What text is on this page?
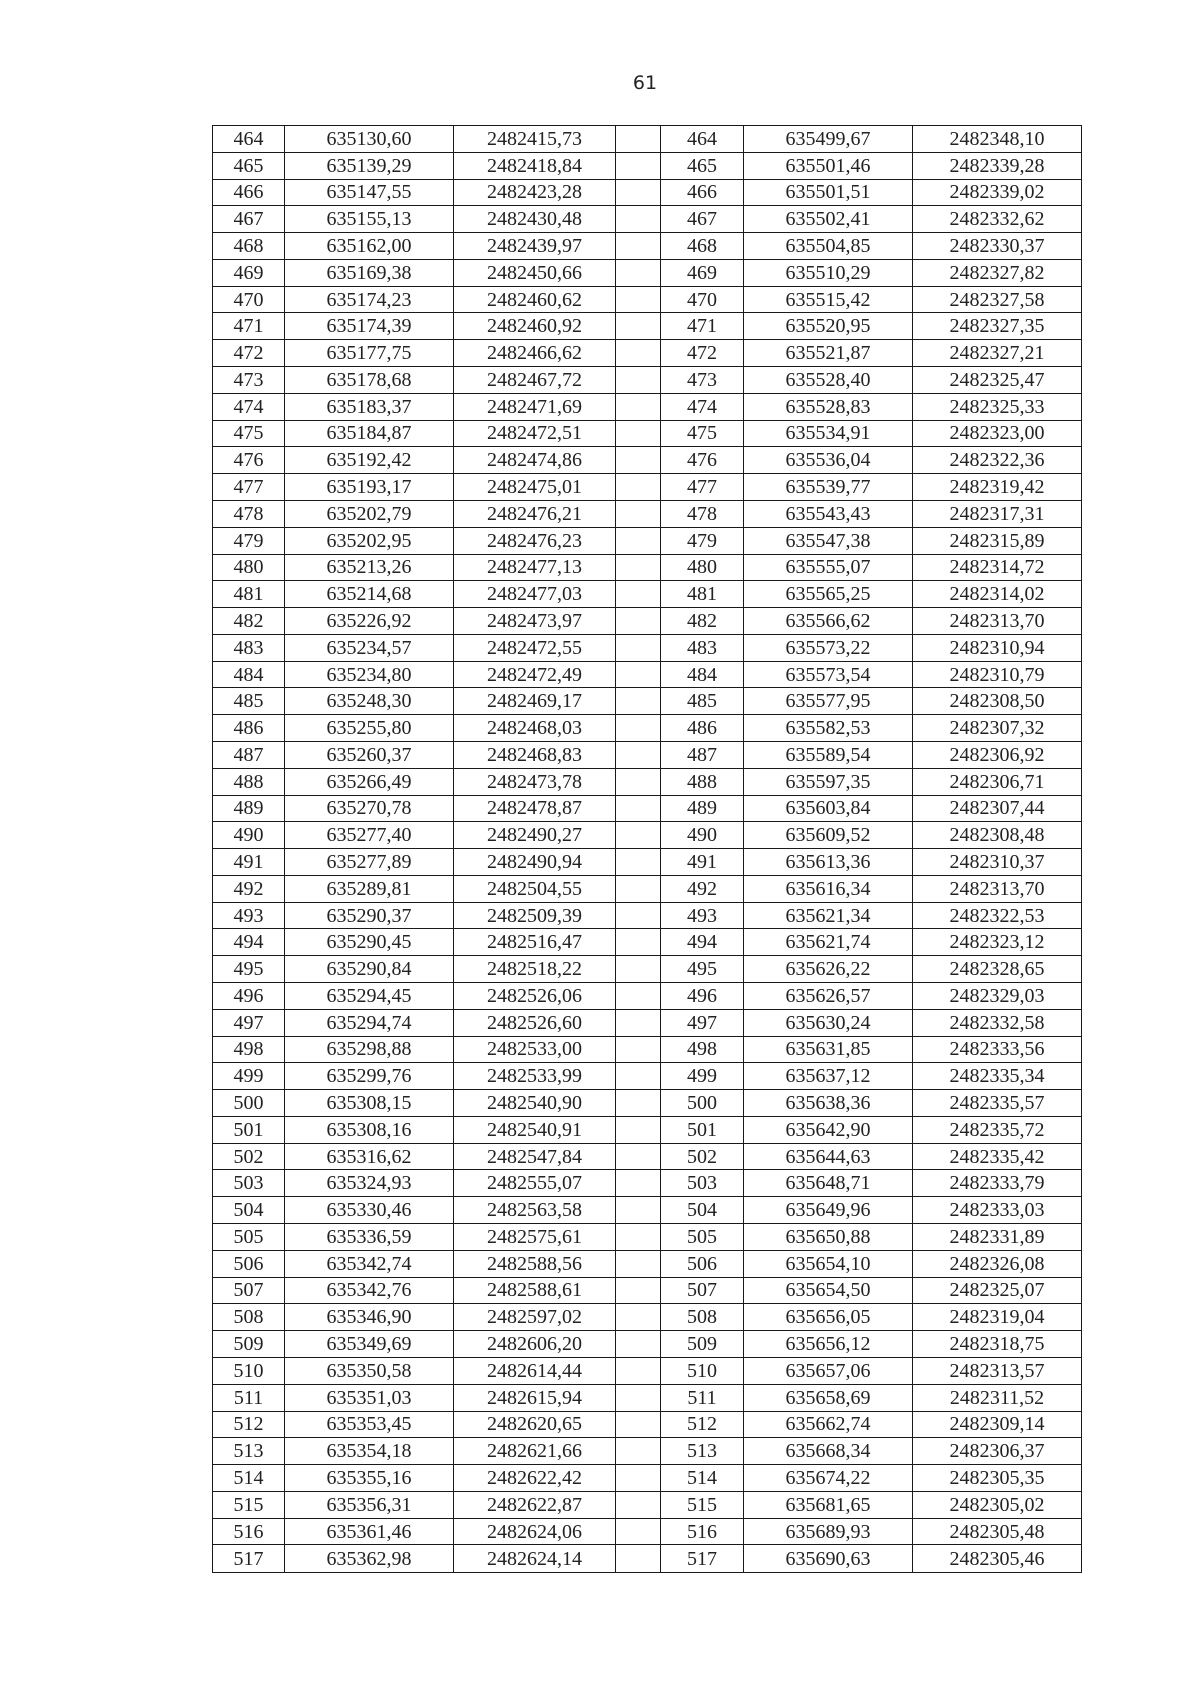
61
464	635130,60	2482415,73		464	635499,67	2482348,10
465	635139,29	2482418,84		465	635501,46	2482339,28
466	635147,55	2482423,28		466	635501,51	2482339,02
467	635155,13	2482430,48		467	635502,41	2482332,62
468	635162,00	2482439,97		468	635504,85	2482330,37
469	635169,38	2482450,66		469	635510,29	2482327,82
470	635174,23	2482460,62		470	635515,42	2482327,58
471	635174,39	2482460,92		471	635520,95	2482327,35
472	635177,75	2482466,62		472	635521,87	2482327,21
473	635178,68	2482467,72		473	635528,40	2482325,47
474	635183,37	2482471,69		474	635528,83	2482325,33
475	635184,87	2482472,51		475	635534,91	2482323,00
476	635192,42	2482474,86		476	635536,04	2482322,36
477	635193,17	2482475,01		477	635539,77	2482319,42
478	635202,79	2482476,21		478	635543,43	2482317,31
479	635202,95	2482476,23		479	635547,38	2482315,89
480	635213,26	2482477,13		480	635555,07	2482314,72
481	635214,68	2482477,03		481	635565,25	2482314,02
482	635226,92	2482473,97		482	635566,62	2482313,70
483	635234,57	2482472,55		483	635573,22	2482310,94
484	635234,80	2482472,49		484	635573,54	2482310,79
485	635248,30	2482469,17		485	635577,95	2482308,50
486	635255,80	2482468,03		486	635582,53	2482307,32
487	635260,37	2482468,83		487	635589,54	2482306,92
488	635266,49	2482473,78		488	635597,35	2482306,71
489	635270,78	2482478,87		489	635603,84	2482307,44
490	635277,40	2482490,27		490	635609,52	2482308,48
491	635277,89	2482490,94		491	635613,36	2482310,37
492	635289,81	2482504,55		492	635616,34	2482313,70
493	635290,37	2482509,39		493	635621,34	2482322,53
494	635290,45	2482516,47		494	635621,74	2482323,12
495	635290,84	2482518,22		495	635626,22	2482328,65
496	635294,45	2482526,06		496	635626,57	2482329,03
497	635294,74	2482526,60		497	635630,24	2482332,58
498	635298,88	2482533,00		498	635631,85	2482333,56
499	635299,76	2482533,99		499	635637,12	2482335,34
500	635308,15	2482540,90		500	635638,36	2482335,57
501	635308,16	2482540,91		501	635642,90	2482335,72
502	635316,62	2482547,84		502	635644,63	2482335,42
503	635324,93	2482555,07		503	635648,71	2482333,79
504	635330,46	2482563,58		504	635649,96	2482333,03
505	635336,59	2482575,61		505	635650,88	2482331,89
506	635342,74	2482588,56		506	635654,10	2482326,08
507	635342,76	2482588,61		507	635654,50	2482325,07
508	635346,90	2482597,02		508	635656,05	2482319,04
509	635349,69	2482606,20		509	635656,12	2482318,75
510	635350,58	2482614,44		510	635657,06	2482313,57
511	635351,03	2482615,94		511	635658,69	2482311,52
512	635353,45	2482620,65		512	635662,74	2482309,14
513	635354,18	2482621,66		513	635668,34	2482306,37
514	635355,16	2482622,42		514	635674,22	2482305,35
515	635356,31	2482622,87		515	635681,65	2482305,02
516	635361,46	2482624,06		516	635689,93	2482305,48
517	635362,98	2482624,14		517	635690,63	2482305,46
